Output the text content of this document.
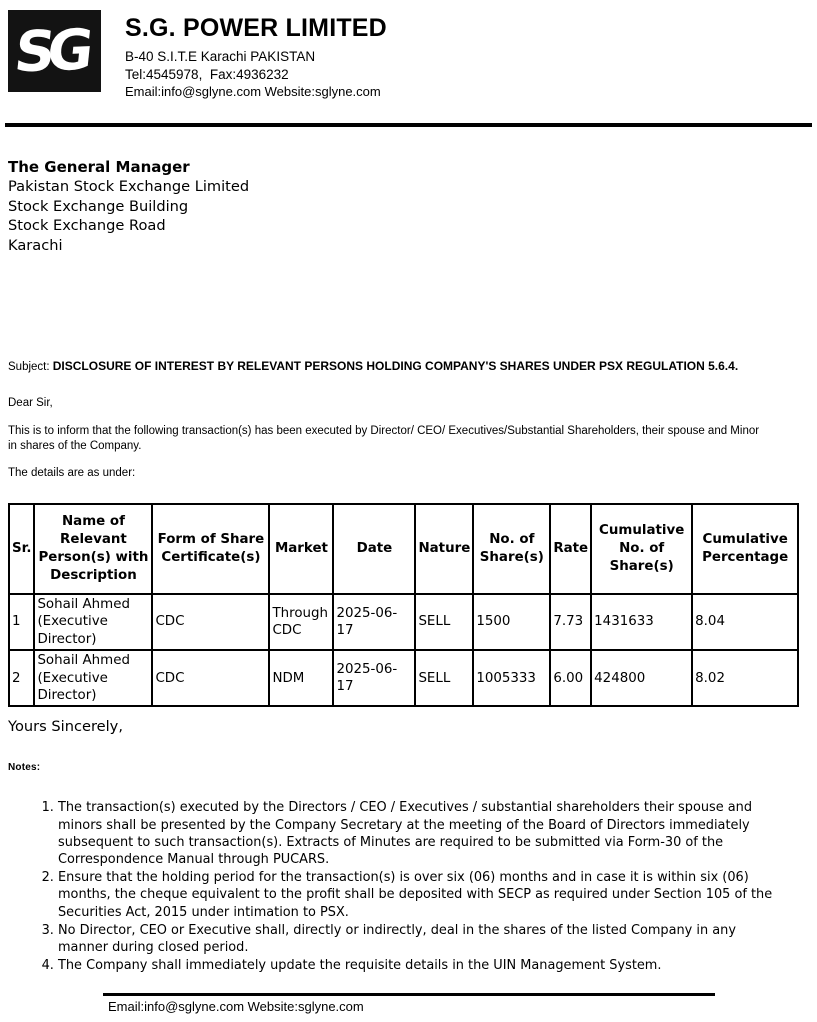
SG	S.G. POWER LIMITED
B-40 S.I.T.E Karachi PAKISTAN
Tel:4545978,  Fax:4936232
Email:info@sglyne.com Website:sglyne.com
The General Manager
Pakistan Stock Exchange Limited
Stock Exchange Building
Stock Exchange Road
Karachi

Subject: DISCLOSURE OF INTEREST BY RELEVANT PERSONS HOLDING COMPANY'S SHARES UNDER PSX REGULATION 5.6.4.

Dear Sir,

This is to inform that the following transaction(s) has been executed by Director/ CEO/ Executives/Substantial Shareholders, their spouse and Minor in shares of the Company.

The details are as under:

Sr.	Name of Relevant Person(s) with Description	Form of Share Certificate(s)	Market	Date	Nature	No. of Share(s)	Rate	Cumulative No. of Share(s)	Cumulative Percentage
1	Sohail Ahmed (Executive Director)	CDC	Through CDC	2025-06-17	SELL	1500	7.73	1431633	8.04
2	Sohail Ahmed (Executive Director)	CDC	NDM	2025-06-17	SELL	1005333	6.00	424800	8.02

Yours Sincerely,

Notes:

1. The transaction(s) executed by the Directors / CEO / Executives / substantial shareholders their spouse and minors shall be presented by the Company Secretary at the meeting of the Board of Directors immediately subsequent to such transaction(s). Extracts of Minutes are required to be submitted via Form-30 of the Correspondence Manual through PUCARS.
2. Ensure that the holding period for the transaction(s) is over six (06) months and in case it is within six (06) months, the cheque equivalent to the profit shall be deposited with SECP as required under Section 105 of the Securities Act, 2015 under intimation to PSX.
3. No Director, CEO or Executive shall, directly or indirectly, deal in the shares of the listed Company in any manner during closed period.
4. The Company shall immediately update the requisite details in the UIN Management System.
Email:info@sglyne.com Website:sglyne.com
